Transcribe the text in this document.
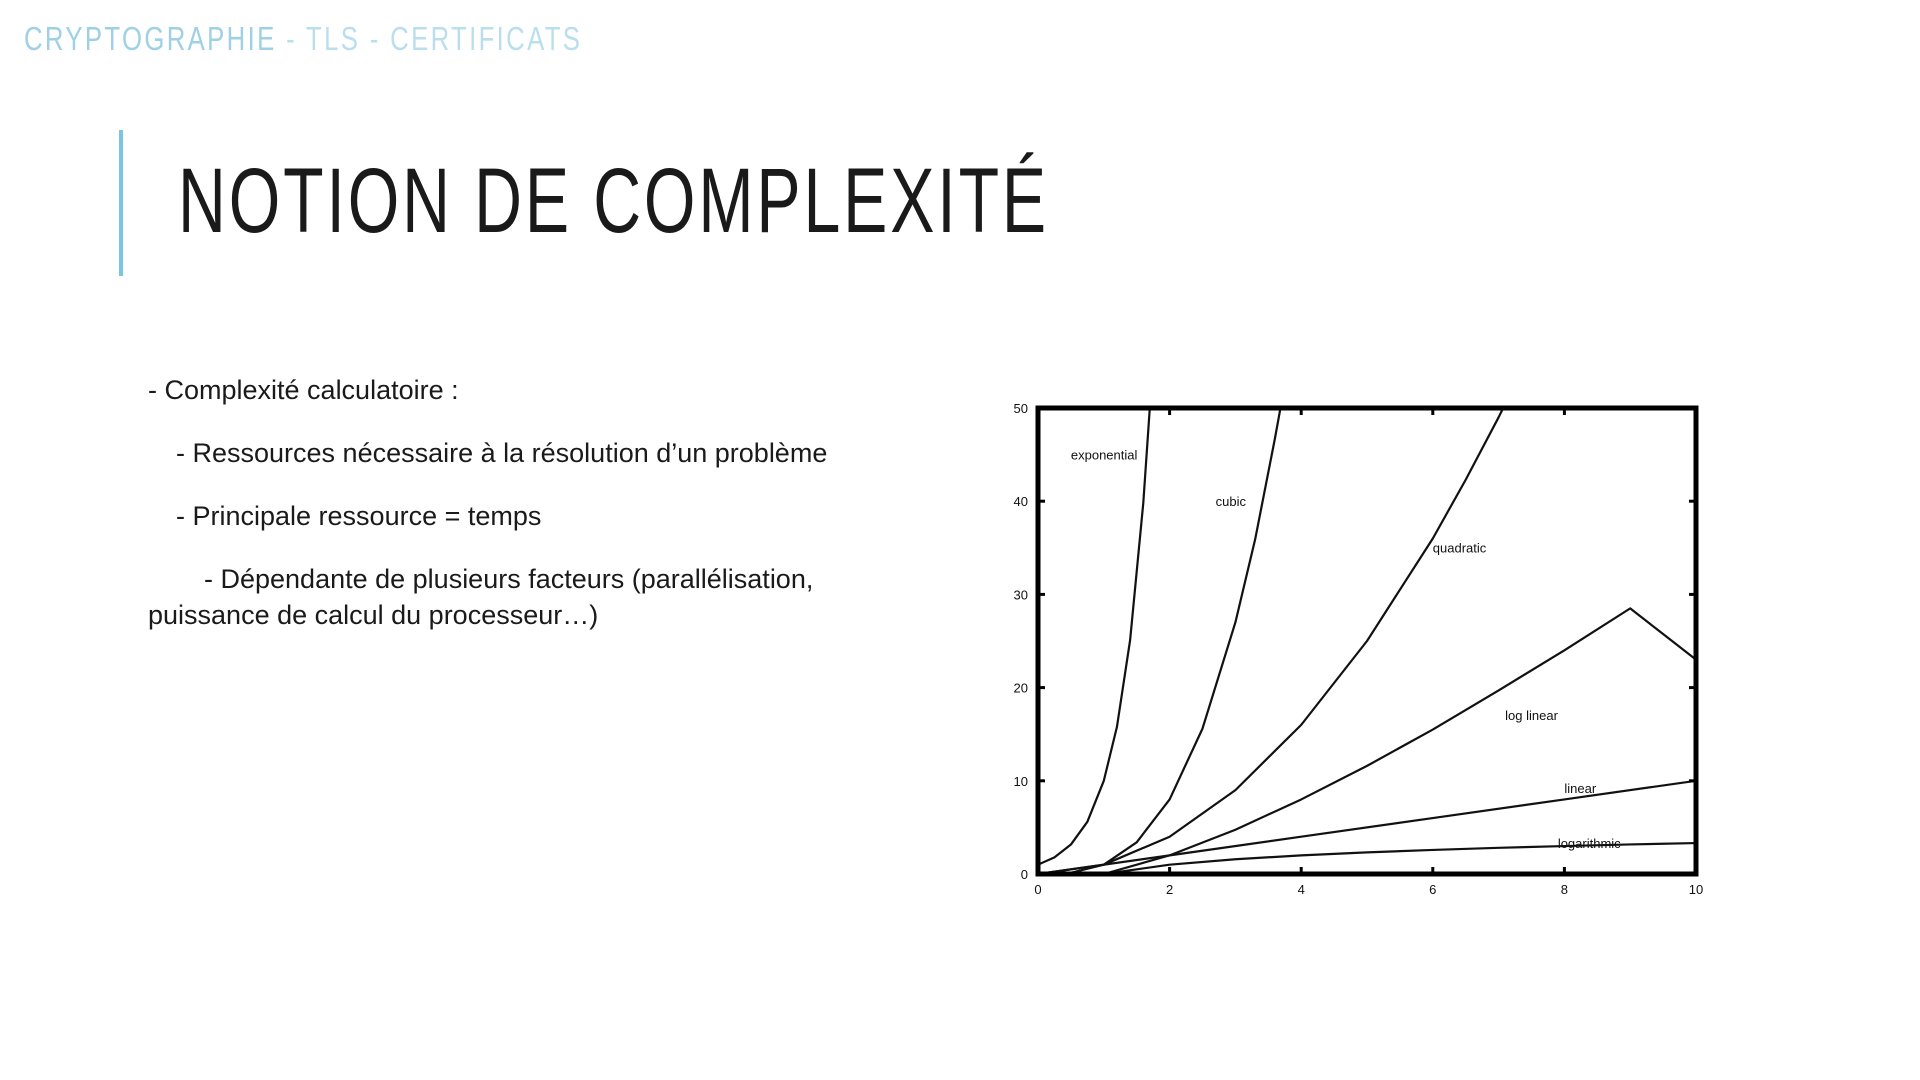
CRYPTOGRAPHIE - TLS - CERTIFICATS
NOTION DE COMPLEXITÉ

- Complexité calculatoire :

- Ressources nécessaire à la résolution d’un problème

- Principale ressource = temps

- Dépendante de plusieurs facteurs (parallélisation, puissance de calcul du processeur…)

exponential
cubic
quadratic
log linear
linear
logarithmic
0	2	4	6	8	10
0
10
20
30
40
50
